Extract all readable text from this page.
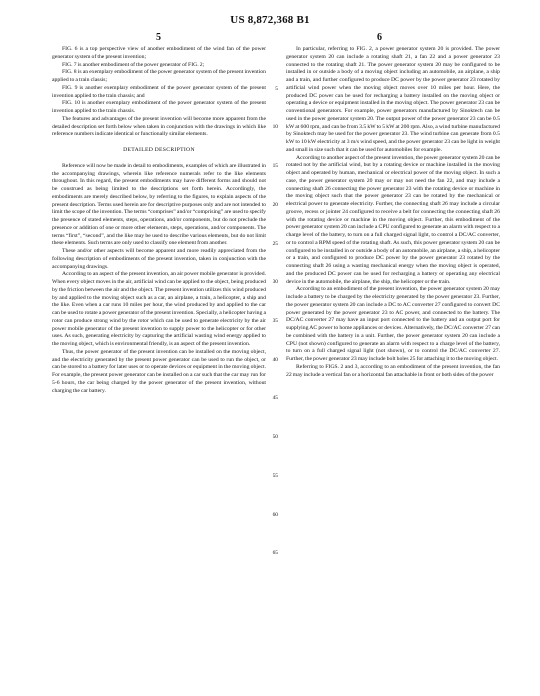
US 8,872,368 B1
5	6
5
10
15
20
25
30
35
40
45
50
55
60
65

FIG. 6 is a top perspective view of another embodiment of the wind fan of the power generator system of the present invention;

FIG. 7 is another embodiment of the power generator of FIG. 2;

FIG. 8 is an exemplary embodiment of the power generator system of the present invention applied to a train classis;

FIG. 9 is another exemplary embodiment of the power generator system of the present invention applied to the train chassis; and

FIG. 10 is another exemplary embodiment of the power generator system of the present invention applied to the train chassis.

The features and advantages of the present invention will become more apparent from the detailed description set forth below when taken in conjunction with the drawings in which like reference numbers indicate identical or functionally similar elements.

DETAILED DESCRIPTION

Reference will now be made in detail to embodiments, examples of which are illustrated in the accompanying drawings, wherein like reference numerals refer to the like elements throughout. In this regard, the present embodiments may have different forms and should not be construed as being limited to the descriptions set forth herein. Accordingly, the embodiments are merely described below, by referring to the figures, to explain aspects of the present description. Terms used herein are for descriptive purposes only and are not intended to limit the scope of the invention. The terms “comprises” and/or “comprising” are used to specify the presence of stated elements, steps, operations, and/or components, but do not preclude the presence or addition of one or more other elements, steps, operations, and/or components. The terms “first”, “second”, and the like may be used to describe various elements, but do not limit these elements. Such terms are only used to classify one element from another.

These and/or other aspects will become apparent and more readily appreciated from the following description of embodiments of the present invention, taken in conjunction with the accompanying drawings.

According to an aspect of the present invention, an air power mobile generator is provided. When every object moves in the air, artificial wind can be applied to the object, being produced by the friction between the air and the object. The present invention utilizes this wind produced by and applied to the moving object such as a car, an airplane, a train, a helicopter, a ship and the like. Even when a car runs 10 miles per hour, the wind produced by and applied to the car can be used to rotate a power generator of the present invention. Specially, a helicopter having a rotor can produce strong wind by the rotor which can be used to generate electricity by the air power mobile generator of the present invention to supply power to the helicopter or for other uses. As such, generating electricity by capturing the artificial wasting wind energy applied to the moving object, which is environmental friendly, is an aspect of the present invention.

Thus, the power generator of the present invention can be installed on the moving object, and the electricity generated by the present power generator can be used to run the object, or can be stored to a battery for later uses or to operate devices or equipment in the moving object. For example, the present power generator can be installed on a car such that the car may run for 5-6 hours, the car being charged by the power generator of the present invention, without charging the car battery.

In particular, referring to FIG. 2, a power generator system 20 is provided. The power generator system 20 can include a rotating shaft 21, a fan 22 and a power generator 23 connected to the rotating shaft 21. The power generator system 20 may be configured to be installed in or outside a body of a moving object including an automobile, an airplane, a ship and a train, and further configured to produce DC power by the power generator 23 rotated by artificial wind power when the moving object moves over 10 miles per hour. Here, the produced DC power can be used for recharging a battery installed on the moving object or operating a device or equipment installed in the moving object. The power generator 23 can be conventional generators. For example, power generators manufactured by Sinoktech can be used in the power generator system 20. The output power of the power generator 23 can be 0.5 kW at 600 rpm, and can be from 3.5 kW to 5 kW at 200 rpm. Also, a wind turbine manufactured by Sinoktech may be used for the power generator 23. The wind turbine can generate from 0.5 kW to 10 kW electricity at 3 m/s wind speed, and the power generator 23 can be light in weight and small in size such that it can be used for automobiles for example.

According to another aspect of the present invention, the power generator system 20 can be rotated not by the artificial wind, but by a rotating device or machine installed in the moving object and operated by human, mechanical or electrical power of the moving object. In such a case, the power generator system 20 may or may not need the fan 22, and may include a connecting shaft 26 connecting the power generator 23 with the rotating device or machine in the moving object such that the power generator 23 can be rotated by the mechanical or electrical power to generate electricity. Further, the connecting shaft 26 may include a circular groove, recess or jointer 24 configured to receive a belt for connecting the connecting shaft 26 with the rotating device or machine in the moving object. Further, this embodiment of the power generator system 20 can include a CPU configured to generate an alarm with respect to a charge level of the battery, to turn on a full charged signal light, to control a DC/AC converter, or to control a RPM speed of the rotating shaft. As such, this power generator system 20 can be configured to be installed in or outside a body of an automobile, an airplane, a ship, a helicopter or a train, and configured to produce DC power by the power generator 23 rotated by the connecting shaft 26 using a wasting mechanical energy when the moving object is operated, and the produced DC power can be used for recharging a battery or operating any electrical device in the automobile, the airplane, the ship, the helicopter or the train.

According to an embodiment of the present invention, the power generator system 20 may include a battery to be charged by the electricity generated by the power generator 23. Further, the power generator system 20 can include a DC to AC converter 27 configured to convert DC power generated by the power generator 23 to AC power, and connected to the battery. The DC/AC converter 27 may have an input port connected to the battery and an output port for supplying AC power to home appliances or devices. Alternatively, the DC/AC converter 27 can be combined with the battery in a unit. Further, the power generator system 20 can include a CPU (not shown) configured to generate an alarm with respect to a charge level of the battery, to turn on a full charged signal light (not shown), or to control the DC/AC converter 27. Further, the power generator 23 may include bolt holes 25 for attaching it to the moving object.

Referring to FIGS. 2 and 3, according to an embodiment of the present invention, the fan 22 may include a vertical fan or a horizontal fan attachable in front or both sides of the power
